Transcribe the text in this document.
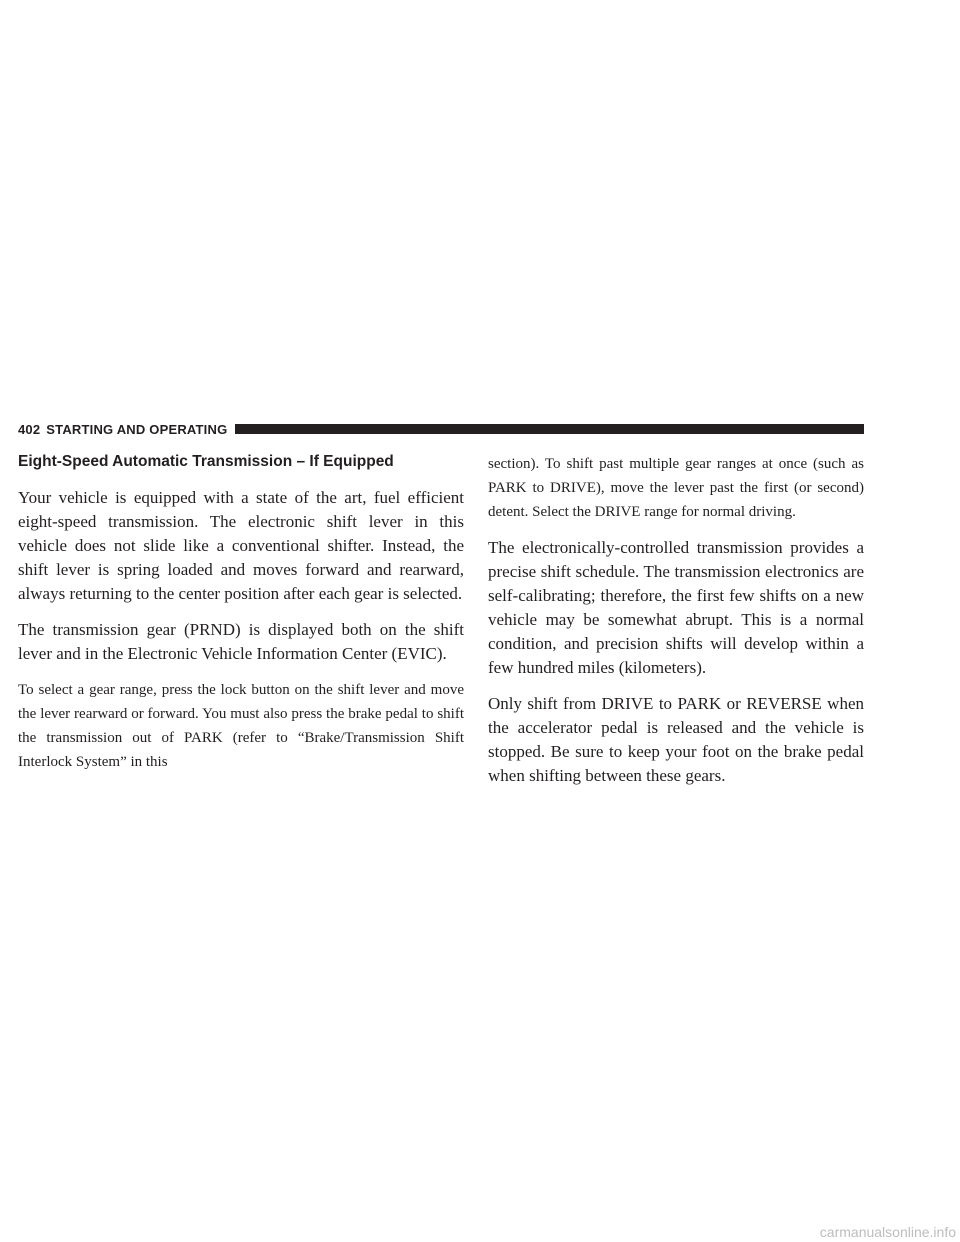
402 STARTING AND OPERATING
Eight-Speed Automatic Transmission – If Equipped

Your vehicle is equipped with a state of the art, fuel efficient eight-speed transmission. The electronic shift lever in this vehicle does not slide like a conventional shifter. Instead, the shift lever is spring loaded and moves forward and rearward, always returning to the center position after each gear is selected.

The transmission gear (PRND) is displayed both on the shift lever and in the Electronic Vehicle Information Center (EVIC).

To select a gear range, press the lock button on the shift lever and move the lever rearward or forward. You must also press the brake pedal to shift the transmission out of PARK (refer to “Brake/Transmission Shift Interlock System” in this

section). To shift past multiple gear ranges at once (such as PARK to DRIVE), move the lever past the first (or second) detent. Select the DRIVE range for normal driving.

The electronically-controlled transmission provides a precise shift schedule. The transmission electronics are self-calibrating; therefore, the first few shifts on a new vehicle may be somewhat abrupt. This is a normal condition, and precision shifts will develop within a few hundred miles (kilometers).

Only shift from DRIVE to PARK or REVERSE when the accelerator pedal is released and the vehicle is stopped. Be sure to keep your foot on the brake pedal when shifting between these gears.

carmanualsonline.info
